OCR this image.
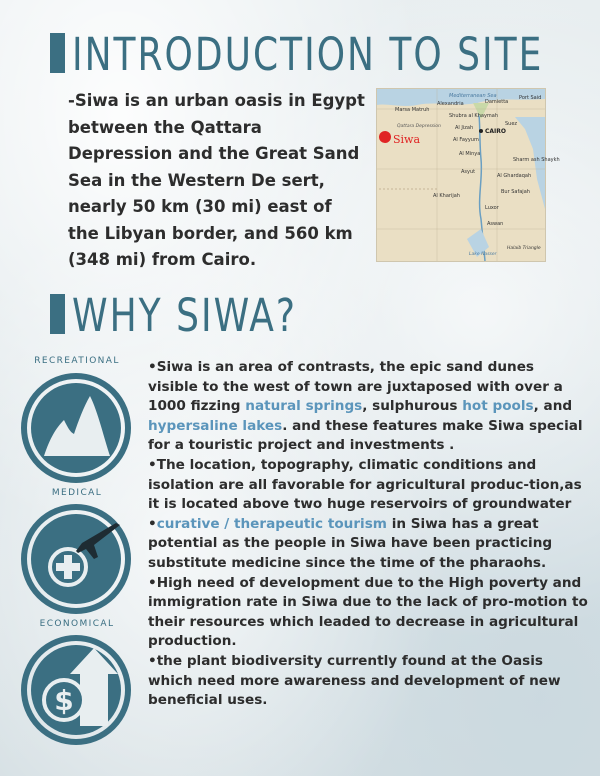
INTRODUCTION TO SITE
-Siwa is an urban oasis in Egypt between the Qattara Depression and the Great Sand Sea in the Western De sert, nearly 50 km (30 mi) east of the Libyan border, and 560 km (348 mi) from Cairo.
Mediterranean Sea
Siwa
Alexandria	Damietta
Port Said
Marsa Matruh
Shubra al Khaymah
CAIRO
Al Jizah
Qattara Depression
Al Fayyum
Suez
Al Minya
Sharm ash Shaykh
Asyut
Al Ghardaqah
Bur Safajah
Al Kharijah
Luxor
Aswan
Halaib Triangle
Lake Nasser
WHY SIWA?
RECREATIONAL
MEDICAL
ECONOMICAL
$

•Siwa is an area of contrasts, the epic sand dunes visible to the west of town are juxtaposed with over a 1000 fizzing natural springs, sulphurous hot pools, and hypersaline lakes. and these features make Siwa special for a touristic project and investments .

•The location, topography, climatic conditions and isolation are all favorable for agricultural produc-tion,as it is located above two huge reservoirs of groundwater

•curative / therapeutic tourism in Siwa has a great potential as the people in Siwa have been practicing substitute medicine since the time of the pharaohs.

•High need of development due to the High poverty and immigration rate in Siwa due to the lack of pro-motion to their resources which leaded to decrease in agricultural production.

•the plant biodiversity currently found at the Oasis which need more awareness and development of new beneficial uses.
